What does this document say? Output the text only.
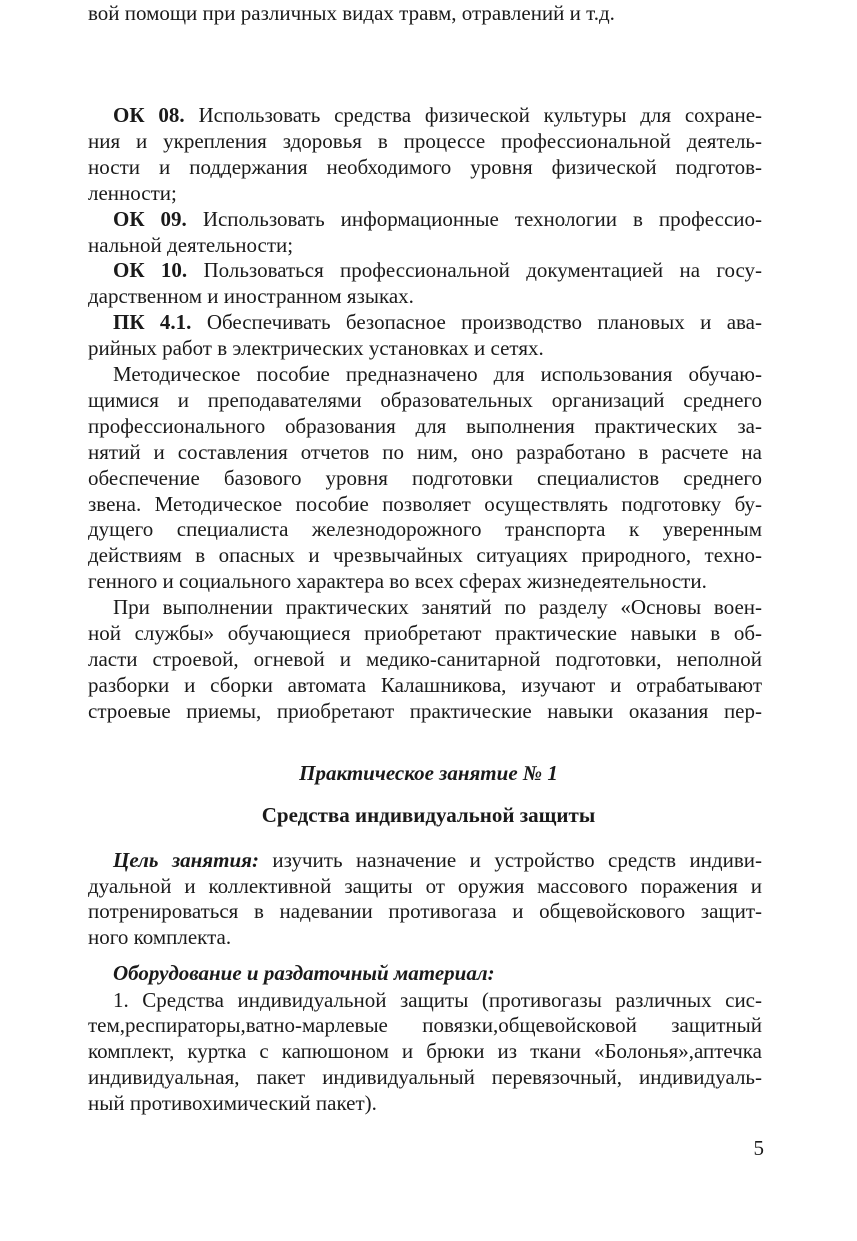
Практическое занятие № 1
Средства индивидуальной защиты
5
ОК 08. Использовать средства физической культуры для сохране-
ния и укрепления здоровья в процессе профессиональной деятель-
ности и поддержания необходимого уровня физической подготов-
ленности;
ОК 09. Использовать информационные технологии в профессио-
нальной деятельности;
ОК 10. Пользоваться профессиональной документацией на госу-
дарственном и иностранном языках.
ПК 4.1. Обеспечивать безопасное производство плановых и ава-
рийных работ в электрических установках и сетях.
Методическое пособие предназначено для использования обучаю-
щимися и преподавателями образовательных организаций среднего
профессионального образования для выполнения практических за-
нятий и составления отчетов по ним, оно разработано в расчете на
обеспечение базового уровня подготовки специалистов среднего
звена. Методическое пособие позволяет осуществлять подготовку бу-
дущего специалиста железнодорожного транспорта к уверенным
действиям в опасных и чрезвычайных ситуациях природного, техно-
генного и социального характера во всех сферах жизнедеятельности.
При выполнении практических занятий по разделу «Основы воен-
ной службы» обучающиеся приобретают практические навыки в об-
ласти строевой, огневой и медико-санитарной подготовки, неполной
разборки и сборки автомата Калашникова, изучают и отрабатывают
строевые приемы, приобретают практические навыки оказания пер-
вой помощи при различных видах травм, отравлений и т.д.
Цель занятия: изучить назначение и устройство средств индиви-
дуальной и коллективной защиты от оружия массового поражения и
потренироваться в надевании противогаза и общевойскового защит-
ного комплекта.
Оборудование и раздаточный материал:
1. Средства индивидуальной защиты (противогазы различных сис-
тем,респираторы,ватно-марлевые повязки,общевойсковой защитный
комплект, куртка с капюшоном и брюки из ткани «Болонья»,аптечка
индивидуальная, пакет индивидуальный перевязочный, индивидуаль-
ный противохимический пакет).
